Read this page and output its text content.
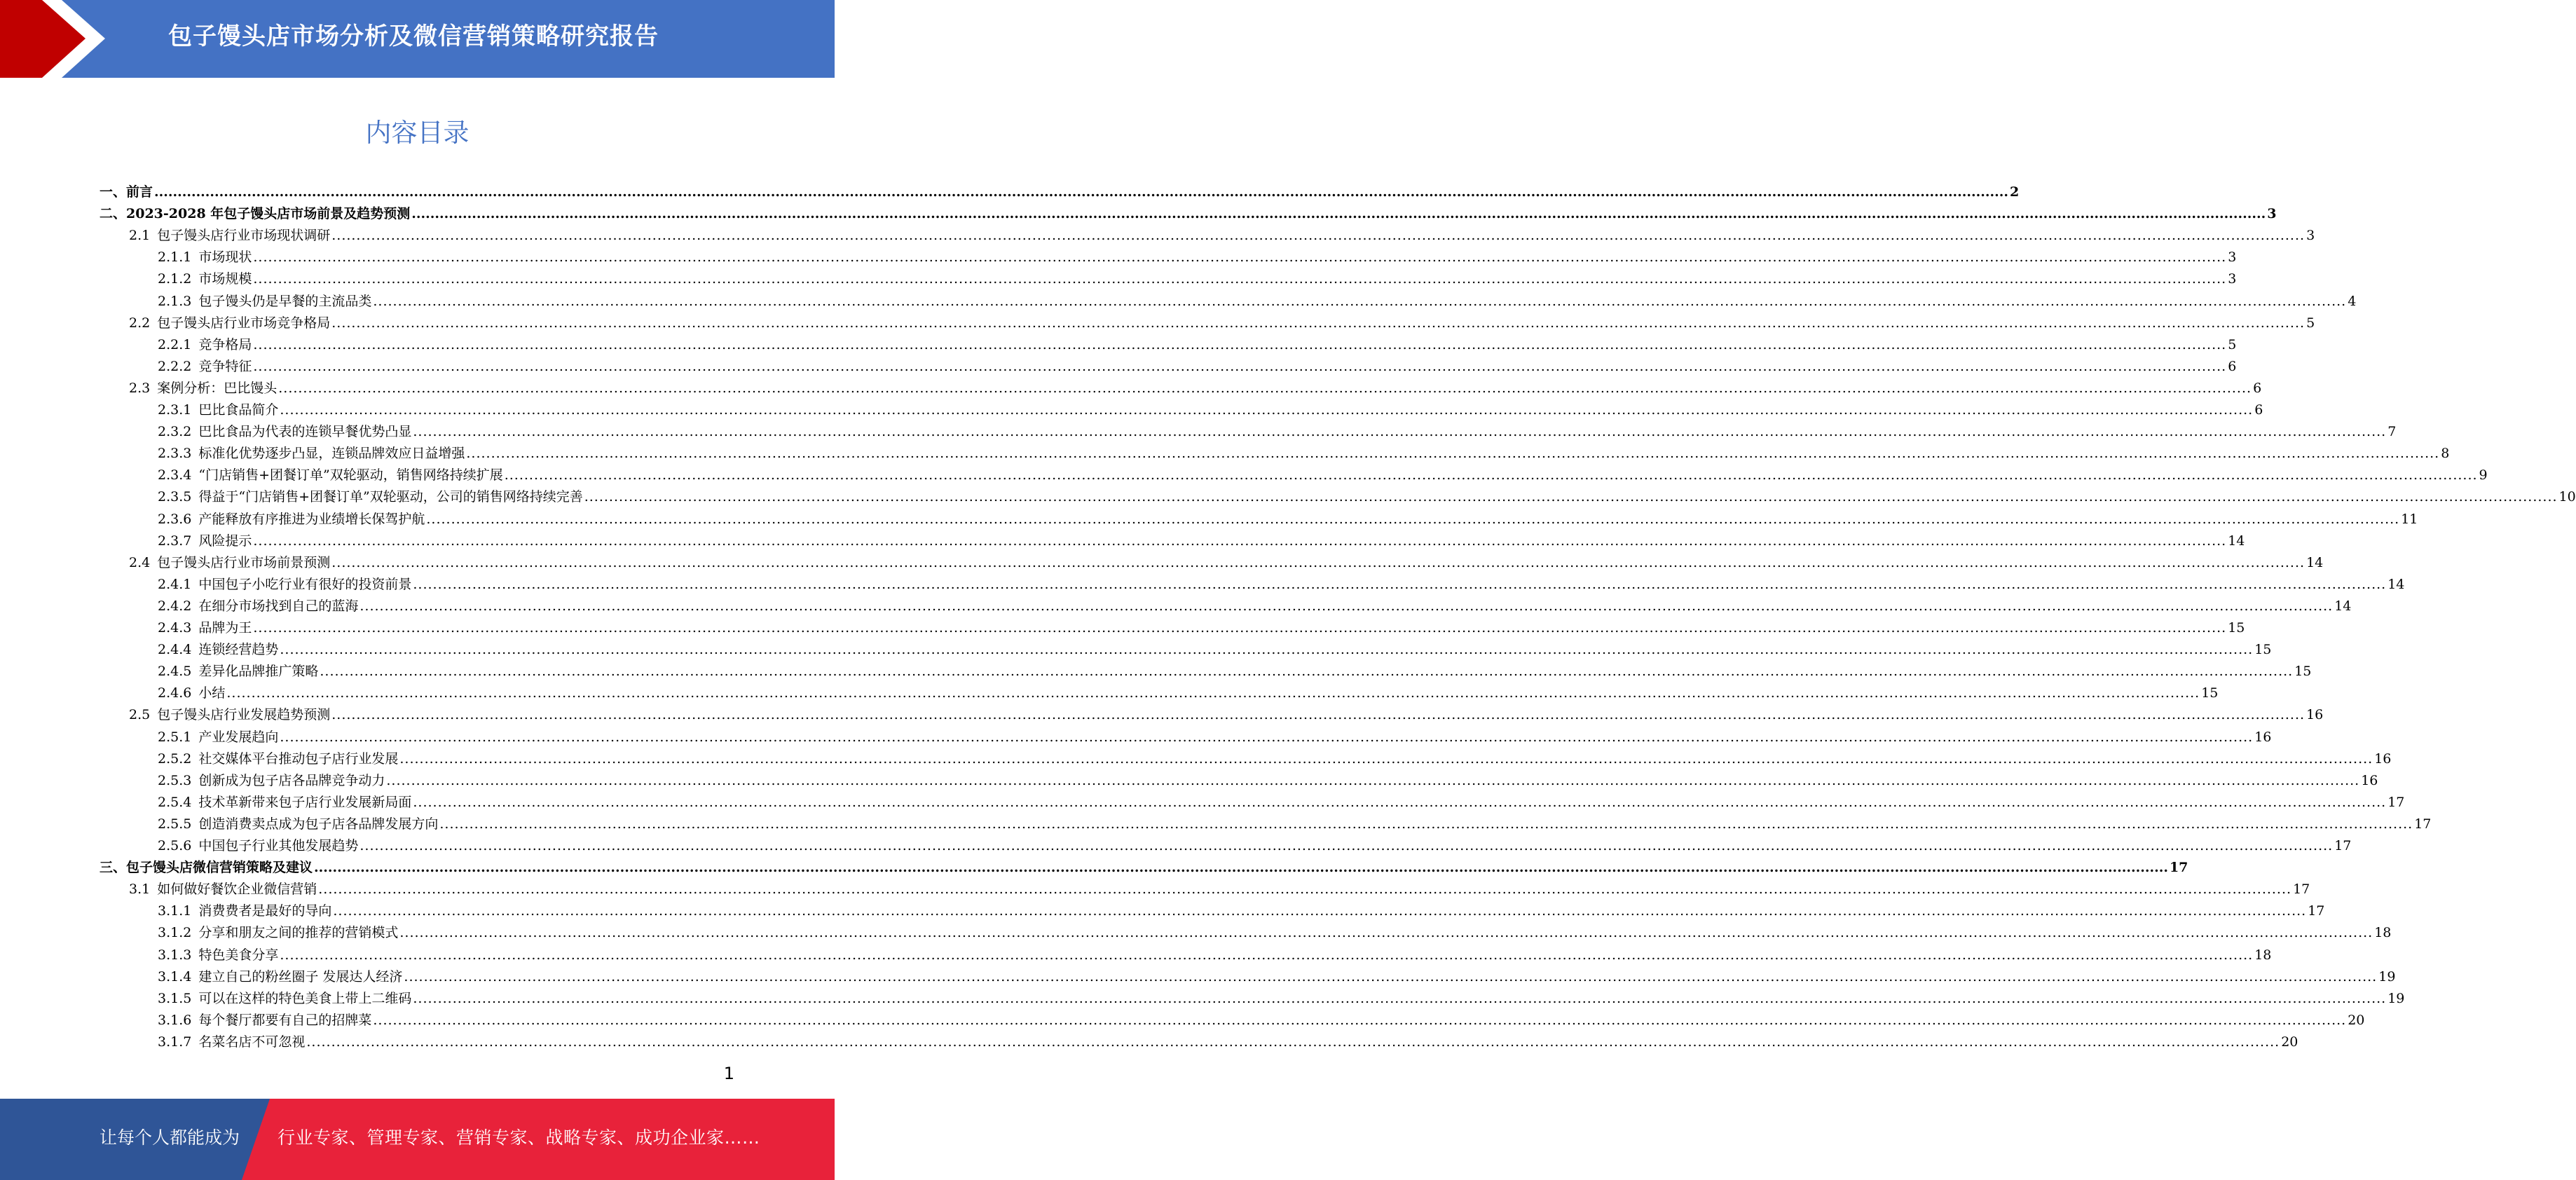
包子馒头店市场分析及微信营销策略研究报告
内容目录
一、 前言 ................................................................................................................................................................................................................................................................................................................................................................................................................ 2
二、 2023-2028 年包子馒头店市场前景及趋势预测 ................................................................................................................................................................................................................................................................................................................................................................................................................ 3
2.1 包子馒头店行业市场现状调研 ................................................................................................................................................................................................................................................................................................................................................................................................................ 3
2.1.1 市场现状 ................................................................................................................................................................................................................................................................................................................................................................................................................ 3
2.1.2 市场规模 ................................................................................................................................................................................................................................................................................................................................................................................................................ 3
2.1.3 包子馒头仍是早餐的主流品类 ................................................................................................................................................................................................................................................................................................................................................................................................................ 4
2.2 包子馒头店行业市场竞争格局 ................................................................................................................................................................................................................................................................................................................................................................................................................ 5
2.2.1 竞争格局 ................................................................................................................................................................................................................................................................................................................................................................................................................ 5
2.2.2 竞争特征 ................................................................................................................................................................................................................................................................................................................................................................................................................ 6
2.3 案例分析：巴比馒头 ................................................................................................................................................................................................................................................................................................................................................................................................................ 6
2.3.1 巴比食品简介 ................................................................................................................................................................................................................................................................................................................................................................................................................ 6
2.3.2 巴比食品为代表的连锁早餐优势凸显 ................................................................................................................................................................................................................................................................................................................................................................................................................ 7
2.3.3 标准化优势逐步凸显，连锁品牌效应日益增强 ................................................................................................................................................................................................................................................................................................................................................................................................................ 8
2.3.4 “门店销售+团餐订单”双轮驱动，销售网络持续扩展 ................................................................................................................................................................................................................................................................................................................................................................................................................ 9
2.3.5 得益于“门店销售+团餐订单”双轮驱动，公司的销售网络持续完善 ................................................................................................................................................................................................................................................................................................................................................................................................................ 10
2.3.6 产能释放有序推进为业绩增长保驾护航 ................................................................................................................................................................................................................................................................................................................................................................................................................ 11
2.3.7 风险提示 ................................................................................................................................................................................................................................................................................................................................................................................................................ 14
2.4 包子馒头店行业市场前景预测 ................................................................................................................................................................................................................................................................................................................................................................................................................ 14
2.4.1 中国包子小吃行业有很好的投资前景 ................................................................................................................................................................................................................................................................................................................................................................................................................ 14
2.4.2 在细分市场找到自己的蓝海 ................................................................................................................................................................................................................................................................................................................................................................................................................ 14
2.4.3 品牌为王 ................................................................................................................................................................................................................................................................................................................................................................................................................ 15
2.4.4 连锁经营趋势 ................................................................................................................................................................................................................................................................................................................................................................................................................ 15
2.4.5 差异化品牌推广策略 ................................................................................................................................................................................................................................................................................................................................................................................................................ 15
2.4.6 小结 ................................................................................................................................................................................................................................................................................................................................................................................................................ 15
2.5 包子馒头店行业发展趋势预测 ................................................................................................................................................................................................................................................................................................................................................................................................................ 16
2.5.1 产业发展趋向 ................................................................................................................................................................................................................................................................................................................................................................................................................ 16
2.5.2 社交媒体平台推动包子店行业发展 ................................................................................................................................................................................................................................................................................................................................................................................................................ 16
2.5.3 创新成为包子店各品牌竞争动力 ................................................................................................................................................................................................................................................................................................................................................................................................................ 16
2.5.4 技术革新带来包子店行业发展新局面 ................................................................................................................................................................................................................................................................................................................................................................................................................ 17
2.5.5 创造消费卖点成为包子店各品牌发展方向 ................................................................................................................................................................................................................................................................................................................................................................................................................ 17
2.5.6 中国包子行业其他发展趋势 ................................................................................................................................................................................................................................................................................................................................................................................................................ 17
三、 包子馒头店微信营销策略及建议 ................................................................................................................................................................................................................................................................................................................................................................................................................ 17
3.1 如何做好餐饮企业微信营销 ................................................................................................................................................................................................................................................................................................................................................................................................................ 17
3.1.1 消费费者是最好的导向 ................................................................................................................................................................................................................................................................................................................................................................................................................ 17
3.1.2 分享和朋友之间的推荐的营销模式 ................................................................................................................................................................................................................................................................................................................................................................................................................ 18
3.1.3 特色美食分享 ................................................................................................................................................................................................................................................................................................................................................................................................................ 18
3.1.4 建立自己的粉丝圈子 发展达人经济 ................................................................................................................................................................................................................................................................................................................................................................................................................ 19
3.1.5 可以在这样的特色美食上带上二维码 ................................................................................................................................................................................................................................................................................................................................................................................................................ 19
3.1.6 每个餐厅都要有自己的招牌菜 ................................................................................................................................................................................................................................................................................................................................................................................................................ 20
3.1.7 名菜名店不可忽视 ................................................................................................................................................................................................................................................................................................................................................................................................................ 20
1
让每个人都能成为 行业专家、管理专家、营销专家、战略专家、成功企业家……
